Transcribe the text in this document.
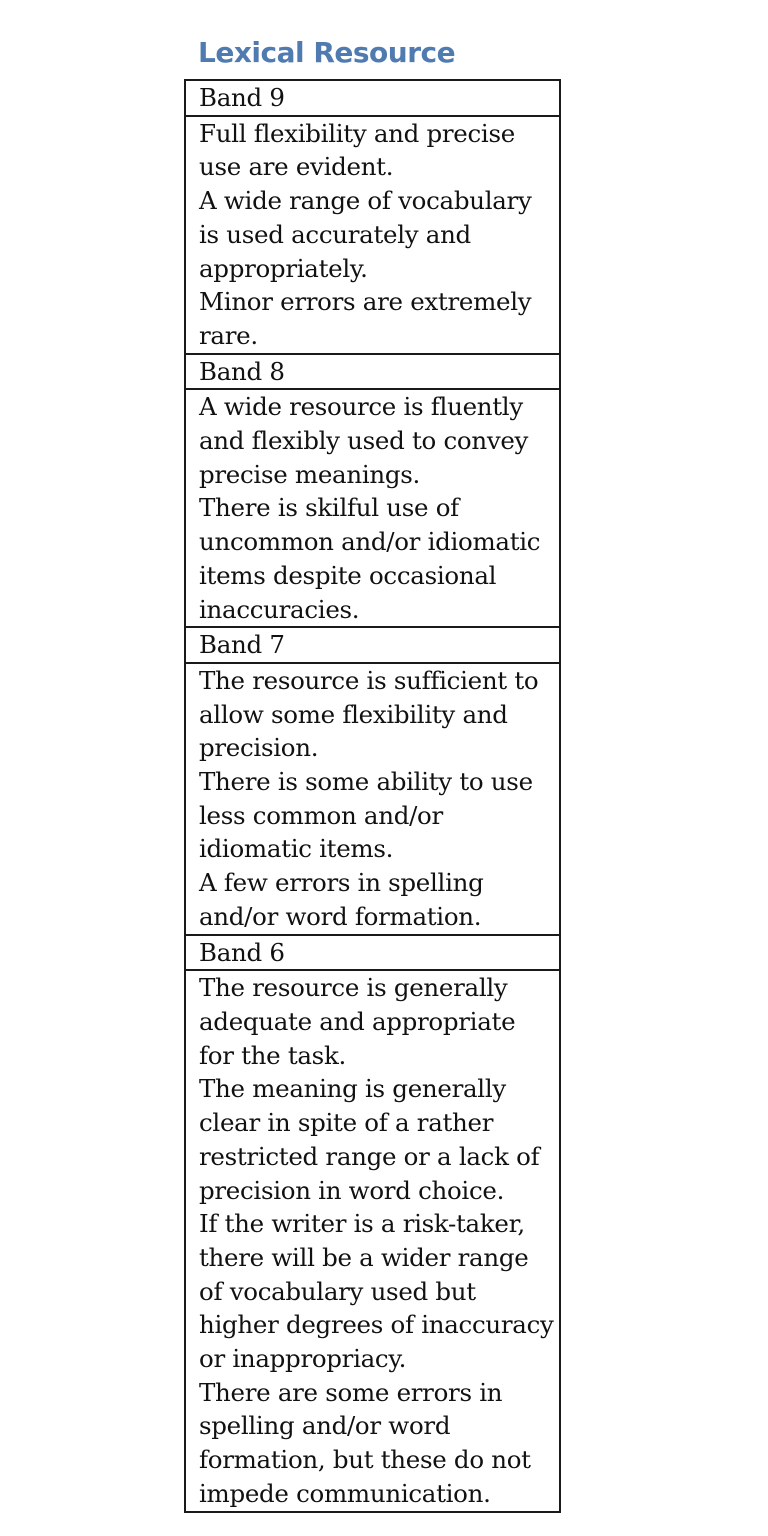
Lexical Resource
Band 9

Full flexibility and precise use are evident.
A wide range of vocabulary is used accurately and appropriately.
Minor errors are extremely rare.

Band 8

A wide resource is fluently and flexibly used to convey precise meanings.
There is skilful use of uncommon and/or idiomatic items despite occasional inaccuracies.

Band 7

The resource is sufficient to allow some flexibility and precision.
There is some ability to use less common and/or idiomatic items.
A few errors in spelling and/or word formation.

Band 6

The resource is generally adequate and appropriate for the task.
The meaning is generally clear in spite of a rather restricted range or a lack of precision in word choice.
If the writer is a risk-taker, there will be a wider range of vocabulary used but higher degrees of inaccuracy or inappropriacy.
There are some errors in spelling and/or word formation, but these do not impede communication.
